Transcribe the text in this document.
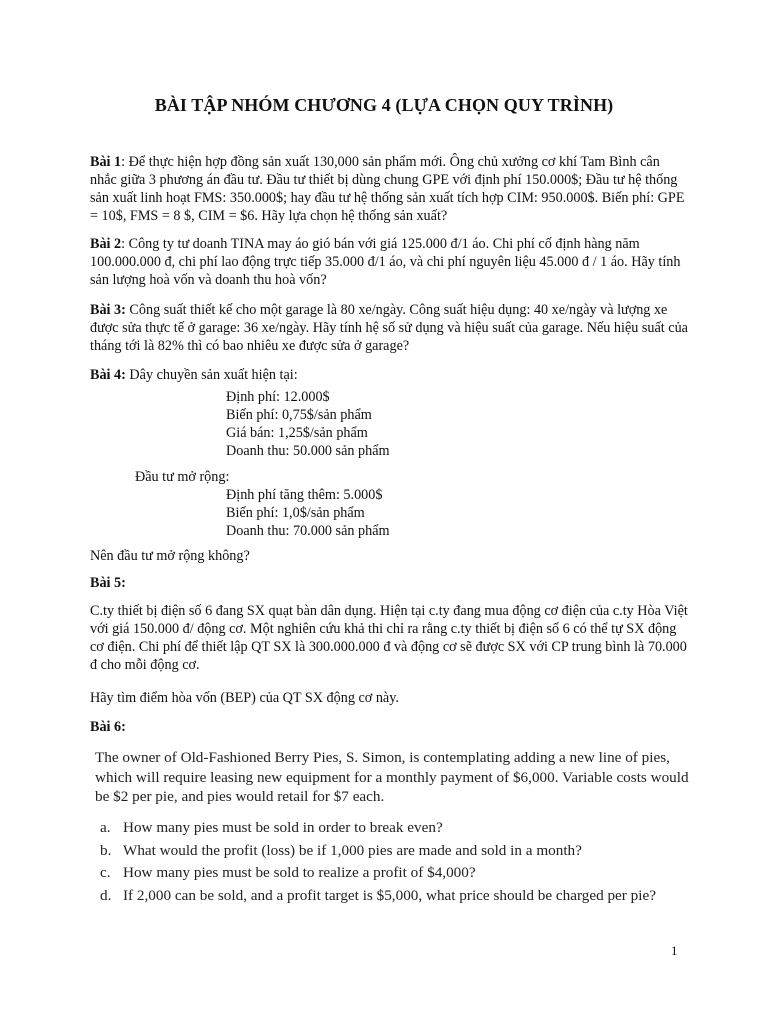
BÀI TẬP NHÓM CHƯƠNG 4 (LỰA CHỌN QUY TRÌNH)

Bài 1: Để thực hiện hợp đồng sản xuất 130,000 sản phẩm mới. Ông chủ xưởng cơ khí Tam Bình cân nhắc giữa 3 phương án đầu tư. Đầu tư thiết bị dùng chung GPE với định phí 150.000$; Đầu tư hệ thống sản xuất linh hoạt FMS: 350.000$; hay đầu tư hệ thống sản xuất tích hợp CIM: 950.000$. Biến phí: GPE = 10$, FMS = 8 $, CIM = $6. Hãy lựa chọn hệ thống sản xuất?

Bài 2: Công ty tư doanh TINA may áo gió bán với giá 125.000 đ/1 áo. Chi phí cố định hàng năm 100.000.000 đ, chi phí lao động trực tiếp 35.000 đ/1 áo, và chi phí nguyên liệu 45.000 đ / 1 áo. Hãy tính sản lượng hoà vốn và doanh thu hoà vốn?

Bài 3: Công suất thiết kế cho một garage là 80 xe/ngày. Công suất hiệu dụng: 40 xe/ngày và lượng xe được sửa thực tế ở garage: 36 xe/ngày. Hãy tính hệ số sử dụng và hiệu suất của garage. Nếu hiệu suất của tháng tới là 82% thì có bao nhiêu xe được sửa ở garage?

Bài 4: Dây chuyền sản xuất hiện tại:

Định phí: 12.000$
Biến phí: 0,75$/sản phẩm
Giá bán: 1,25$/sản phẩm
Doanh thu: 50.000 sản phẩm
Đầu tư mở rộng:
Định phí tăng thêm: 5.000$
Biến phí: 1,0$/sản phẩm
Doanh thu: 70.000 sản phẩm

Nên đầu tư mở rộng không?

Bài 5:

C.ty thiết bị điện số 6 đang SX quạt bàn dân dụng. Hiện tại c.ty đang mua động cơ điện của c.ty Hòa Việt với giá 150.000 đ/ động cơ. Một nghiên cứu khả thi chỉ ra rằng c.ty thiết bị điện số 6 có thể tự SX động cơ điện. Chi phí để thiết lập QT SX là 300.000.000 đ và động cơ sẽ được SX với CP trung bình là 70.000 đ cho mỗi động cơ.

Hãy tìm điểm hòa vốn (BEP) của QT SX động cơ này.

Bài 6:

The owner of Old-Fashioned Berry Pies, S. Simon, is contemplating adding a new line of pies, which will require leasing new equipment for a monthly payment of $6,000. Variable costs would be $2 per pie, and pies would retail for $7 each.

a. How many pies must be sold in order to break even?
b. What would the profit (loss) be if 1,000 pies are made and sold in a month?
c. How many pies must be sold to realize a profit of $4,000?
d. If 2,000 can be sold, and a profit target is $5,000, what price should be charged per pie?
1
